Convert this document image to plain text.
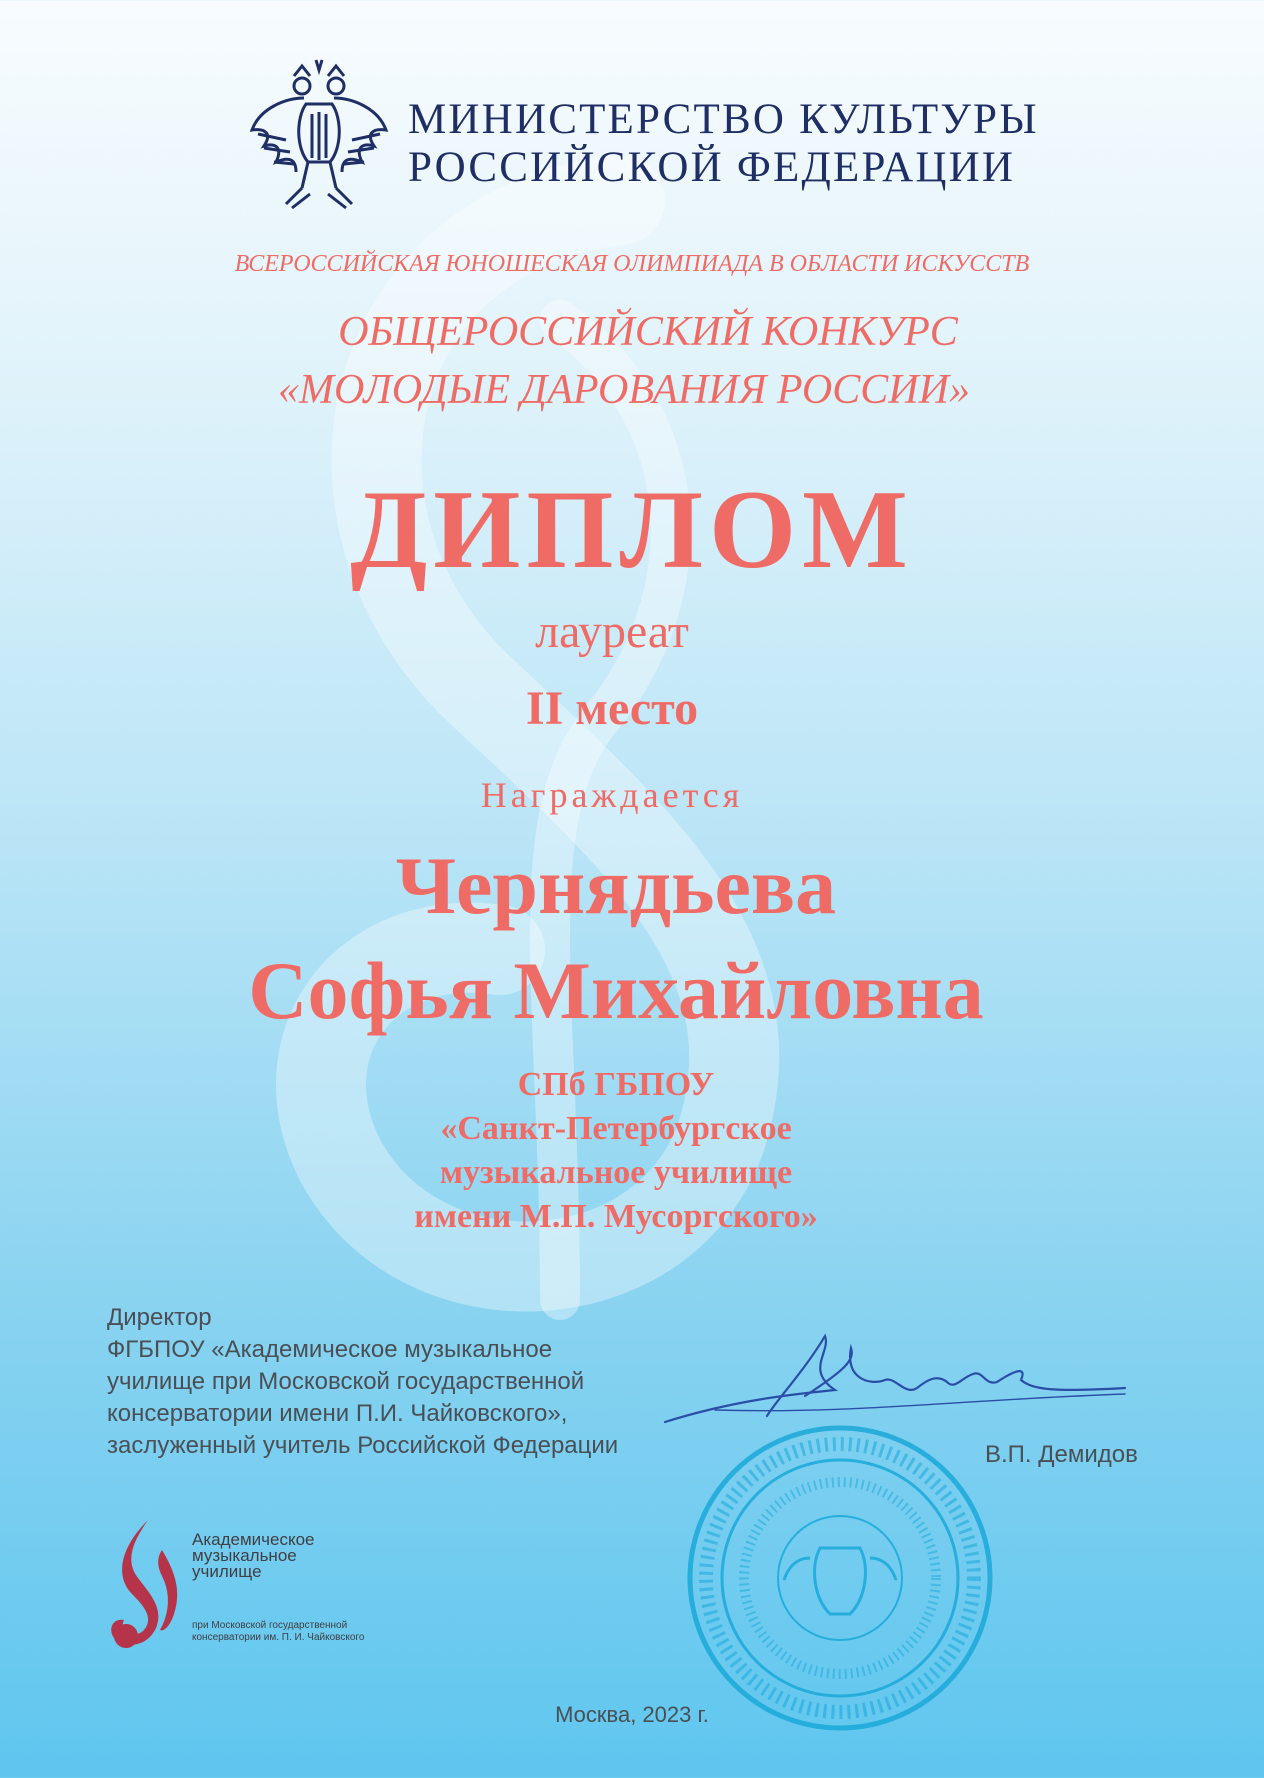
МИНИСТЕРСТВО КУЛЬТУРЫ
РОССИЙСКОЙ ФЕДЕРАЦИИ
ВСЕРОССИЙСКАЯ ЮНОШЕСКАЯ ОЛИМПИАДА В ОБЛАСТИ ИСКУССТВ
ОБЩЕРОССИЙСКИЙ КОНКУРС
«МОЛОДЫЕ ДАРОВАНИЯ РОССИИ»
ДИПЛОМ
лауреат
II место
Награждается
Чернядьева
Софья Михайловна
СПб ГБПОУ
«Санкт-Петербургское
музыкальное училище
имени М.П. Мусоргского»
Директор
ФГБПОУ «Академическое музыкальное
училище при Московской государственной
консерватории имени П.И. Чайковского»,
заслуженный учитель Российской Федерации	В.П. Демидов
Академическое
музыкальное
училище
при Московской государственной
консерватории им. П. И. Чайковского
Москва, 2023 г.
